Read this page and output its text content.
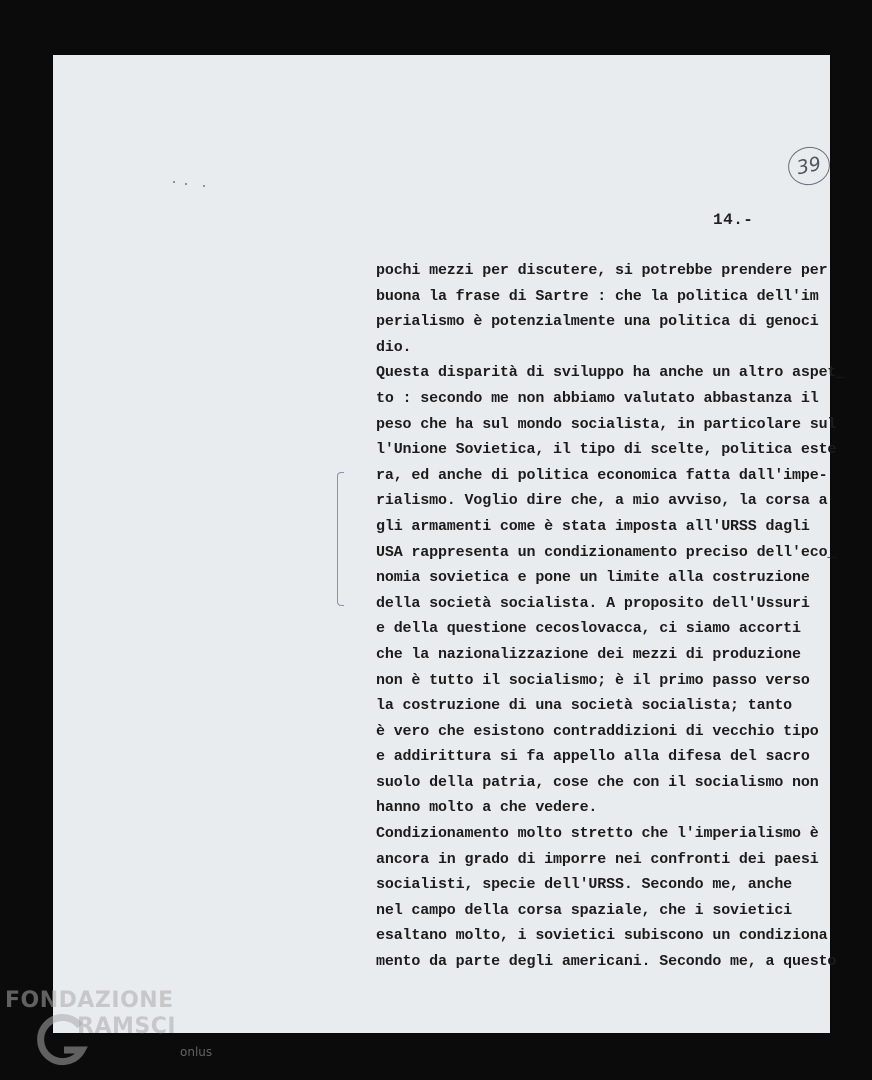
39
14.-
pochi mezzi per discutere, si potrebbe prendere per
buona la frase di Sartre : che la politica dell'im
perialismo è potenzialmente una politica di genoci
dio.
Questa disparità di sviluppo ha anche un altro aspet_
to : secondo me non abbiamo valutato abbastanza il
peso che ha sul mondo socialista, in particolare sul
l'Unione Sovietica, il tipo di scelte, politica este
ra, ed anche di politica economica fatta dall'impe-
rialismo. Voglio dire che, a mio avviso, la corsa a
gli armamenti come è stata imposta all'URSS dagli
USA rappresenta un condizionamento preciso dell'eco_
nomia sovietica e pone un limite alla costruzione
della società socialista. A proposito dell'Ussuri
e della questione cecoslovacca, ci siamo accorti
che la nazionalizzazione dei mezzi di produzione
non è tutto il socialismo; è il primo passo verso
la costruzione di una società socialista; tanto
è vero che esistono contraddizioni di vecchio tipo
e addirittura si fa appello alla difesa del sacro
suolo della patria, cose che con il socialismo non
hanno molto a che vedere.
Condizionamento molto stretto che l'imperialismo è
ancora in grado di imporre nei confronti dei paesi
socialisti, specie dell'URSS. Secondo me, anche
nel campo della corsa spaziale, che i sovietici
esaltano molto, i sovietici subiscono un condiziona
mento da parte degli americani. Secondo me, a questo
FONDAZIONE
RAMSCI
onlus
